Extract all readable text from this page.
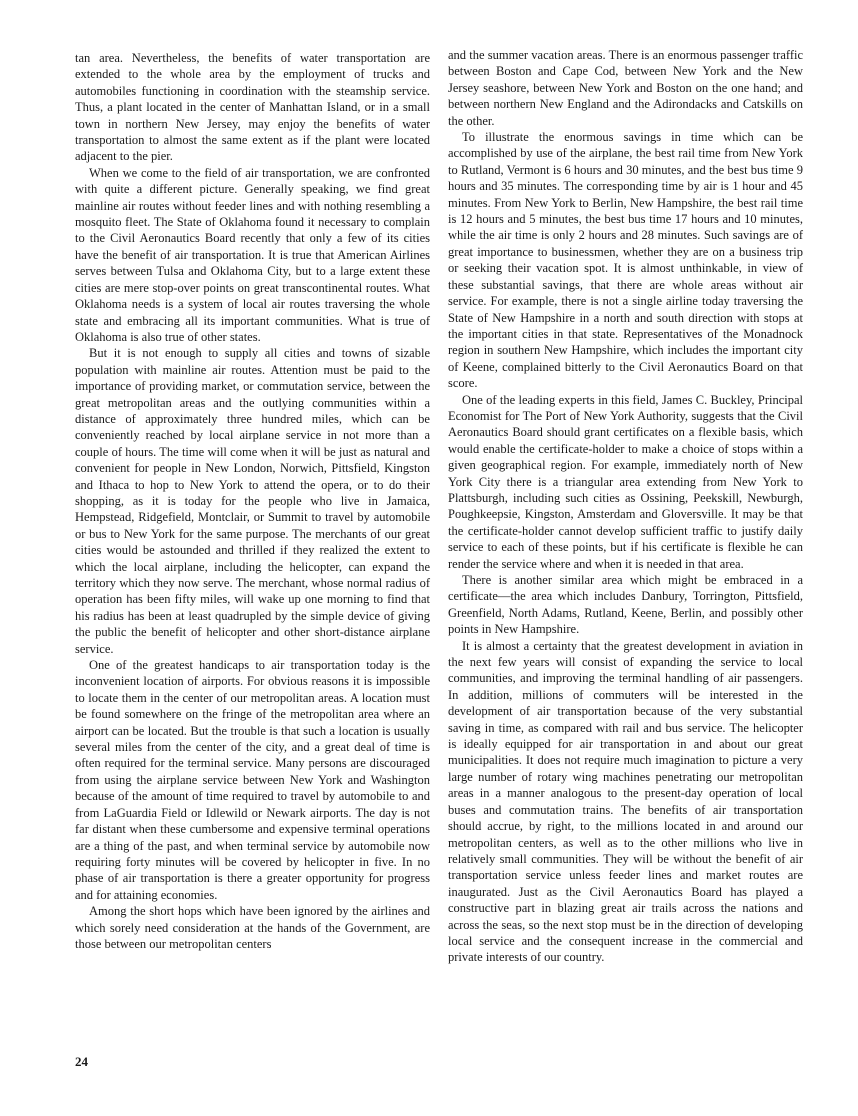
tan area. Nevertheless, the benefits of water transportation are extended to the whole area by the employment of trucks and automobiles functioning in coordination with the steamship service. Thus, a plant located in the center of Manhattan Island, or in a small town in northern New Jersey, may enjoy the benefits of water transportation to almost the same extent as if the plant were located adjacent to the pier.

When we come to the field of air transportation, we are confronted with quite a different picture. Generally speaking, we find great mainline air routes without feeder lines and with nothing resembling a mosquito fleet. The State of Oklahoma found it necessary to complain to the Civil Aeronautics Board recently that only a few of its cities have the benefit of air transportation. It is true that American Airlines serves between Tulsa and Oklahoma City, but to a large extent these cities are mere stop-over points on great transcontinental routes. What Oklahoma needs is a system of local air routes traversing the whole state and embracing all its important communities. What is true of Oklahoma is also true of other states.

But it is not enough to supply all cities and towns of sizable population with mainline air routes. Attention must be paid to the importance of providing market, or commutation service, between the great metropolitan areas and the outlying communities within a distance of approximately three hundred miles, which can be conveniently reached by local airplane service in not more than a couple of hours. The time will come when it will be just as natural and convenient for people in New London, Norwich, Pittsfield, Kingston and Ithaca to hop to New York to attend the opera, or to do their shopping, as it is today for the people who live in Jamaica, Hempstead, Ridgefield, Montclair, or Summit to travel by automobile or bus to New York for the same purpose. The merchants of our great cities would be astounded and thrilled if they realized the extent to which the local airplane, including the helicopter, can expand the territory which they now serve. The merchant, whose normal radius of operation has been fifty miles, will wake up one morning to find that his radius has been at least quadrupled by the simple device of giving the public the benefit of helicopter and other short-distance airplane service.

One of the greatest handicaps to air transportation today is the inconvenient location of airports. For obvious reasons it is impossible to locate them in the center of our metropolitan areas. A location must be found somewhere on the fringe of the metropolitan area where an airport can be located. But the trouble is that such a location is usually several miles from the center of the city, and a great deal of time is often required for the terminal service. Many persons are discouraged from using the airplane service between New York and Washington because of the amount of time required to travel by automobile to and from LaGuardia Field or Idlewild or Newark airports. The day is not far distant when these cumbersome and expensive terminal operations are a thing of the past, and when terminal service by automobile now requiring forty minutes will be covered by helicopter in five. In no phase of air transportation is there a greater opportunity for progress and for attaining economies.

Among the short hops which have been ignored by the airlines and which sorely need consideration at the hands of the Government, are those between our metropolitan centers

and the summer vacation areas. There is an enormous passenger traffic between Boston and Cape Cod, between New York and the New Jersey seashore, between New York and Boston on the one hand; and between northern New England and the Adirondacks and Catskills on the other.

To illustrate the enormous savings in time which can be accomplished by use of the airplane, the best rail time from New York to Rutland, Vermont is 6 hours and 30 minutes, and the best bus time 9 hours and 35 minutes. The corresponding time by air is 1 hour and 45 minutes. From New York to Berlin, New Hampshire, the best rail time is 12 hours and 5 minutes, the best bus time 17 hours and 10 minutes, while the air time is only 2 hours and 28 minutes. Such savings are of great importance to businessmen, whether they are on a business trip or seeking their vacation spot. It is almost unthinkable, in view of these substantial savings, that there are whole areas without air service. For example, there is not a single airline today traversing the State of New Hampshire in a north and south direction with stops at the important cities in that state. Representatives of the Monadnock region in southern New Hampshire, which includes the important city of Keene, complained bitterly to the Civil Aeronautics Board on that score.

One of the leading experts in this field, James C. Buckley, Principal Economist for The Port of New York Authority, suggests that the Civil Aeronautics Board should grant certificates on a flexible basis, which would enable the certificate-holder to make a choice of stops within a given geographical region. For example, immediately north of New York City there is a triangular area extending from New York to Plattsburgh, including such cities as Ossining, Peekskill, Newburgh, Poughkeepsie, Kingston, Amsterdam and Gloversville. It may be that the certificate-holder cannot develop sufficient traffic to justify daily service to each of these points, but if his certificate is flexible he can render the service where and when it is needed in that area.

There is another similar area which might be embraced in a certificate—the area which includes Danbury, Torrington, Pittsfield, Greenfield, North Adams, Rutland, Keene, Berlin, and possibly other points in New Hampshire.

It is almost a certainty that the greatest development in aviation in the next few years will consist of expanding the service to local communities, and improving the terminal handling of air passengers. In addition, millions of commuters will be interested in the development of air transportation because of the very substantial saving in time, as compared with rail and bus service. The helicopter is ideally equipped for air transportation in and about our great municipalities. It does not require much imagination to picture a very large number of rotary wing machines penetrating our metropolitan areas in a manner analogous to the present-day operation of local buses and commutation trains. The benefits of air transportation should accrue, by right, to the millions located in and around our metropolitan centers, as well as to the other millions who live in relatively small communities. They will be without the benefit of air transportation service unless feeder lines and market routes are inaugurated. Just as the Civil Aeronautics Board has played a constructive part in blazing great air trails across the nations and across the seas, so the next stop must be in the direction of developing local service and the consequent increase in the commercial and private interests of our country.

24
